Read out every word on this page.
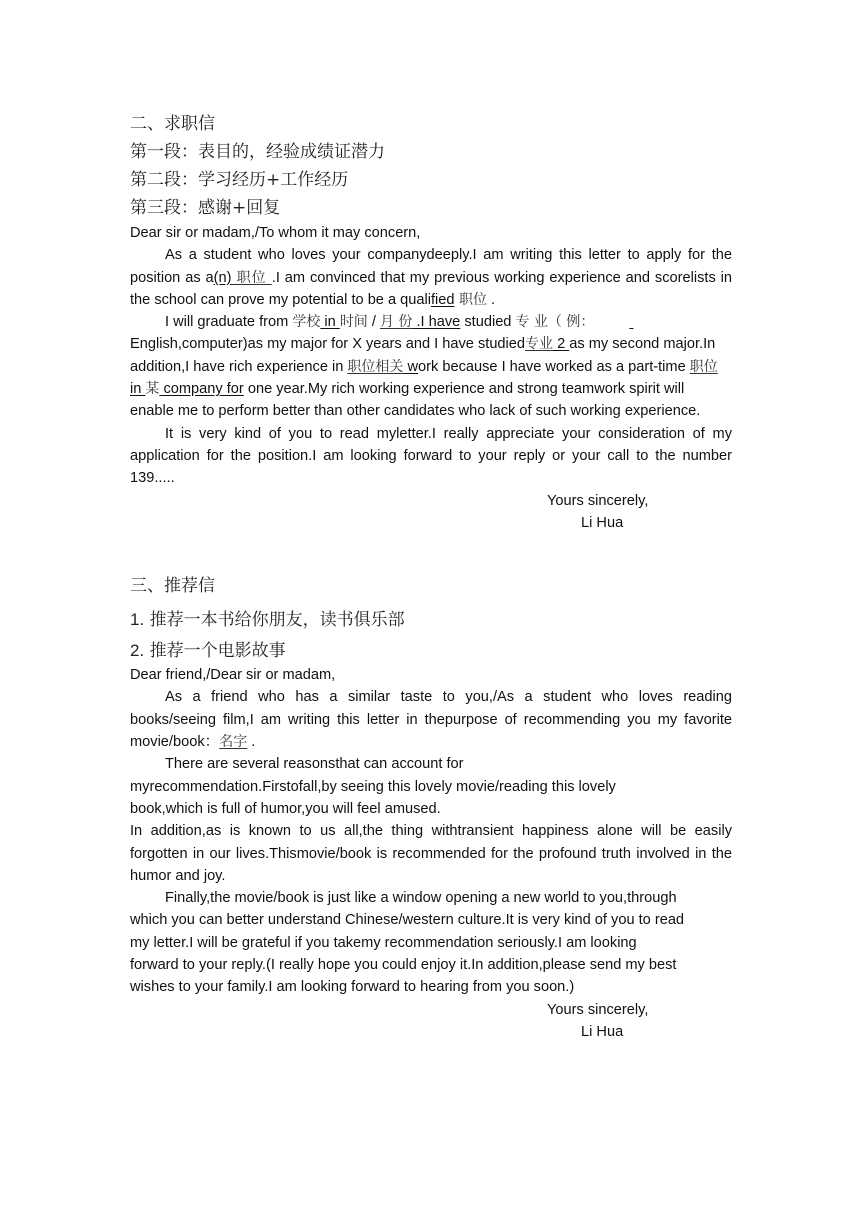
二、求职信

第一段：表目的，经验成绩证潜力

第二段：学习经历+工作经历

第三段：感谢+回复

Dear sir or madam,/To whom it may concern,

As a student who loves your companydeeply.I am writing this letter to apply for the position as a(n) 职位 .I am convinced that my previous working experience and scorelists in the school can prove my potential to be a qualified 职位 .

I will graduate from 学校 in 时间 / 月 份 .I have studied 专 业（ 例：
English,computer)as my major for X years and I have studied专业 2 as my second major.In addition,I have rich experience in 职位相关 work because I have worked as a part-time 职位 in 某 company for one year.My rich working experience and strong teamwork spirit will enable me to perform better than other candidates who lack of such working experience.

It is very kind of you to read myletter.I really appreciate your consideration of my application for the position.I am looking forward to your reply or your call to the number 139.....

Yours sincerely,

Li Hua

三、推荐信

1. 推荐一本书给你朋友，读书俱乐部

2. 推荐一个电影故事

Dear friend,/Dear sir or madam,

As a friend who has a similar taste to you,/As a student who loves reading books/seeing film,I am writing this letter in thepurpose of recommending you my favorite movie/book：名字 .

There are several reasonsthat can account for

myrecommendation.Firstofall,by seeing this lovely movie/reading this lovely

book,which is full of humor,you will feel amused.

In addition,as is known to us all,the thing withtransient happiness alone will be easily forgotten in our lives.Thismovie/book is recommended for the profound truth involved in the humor and joy.

Finally,the movie/book is just like a window opening a new world to you,through

which you can better understand Chinese/western culture.It is very kind of you to read

my letter.I will be grateful if you takemy recommendation seriously.I am looking

forward to your reply.(I really hope you could enjoy it.In addition,please send my best

wishes to your family.I am looking forward to hearing from you soon.)

Yours sincerely,

Li Hua
